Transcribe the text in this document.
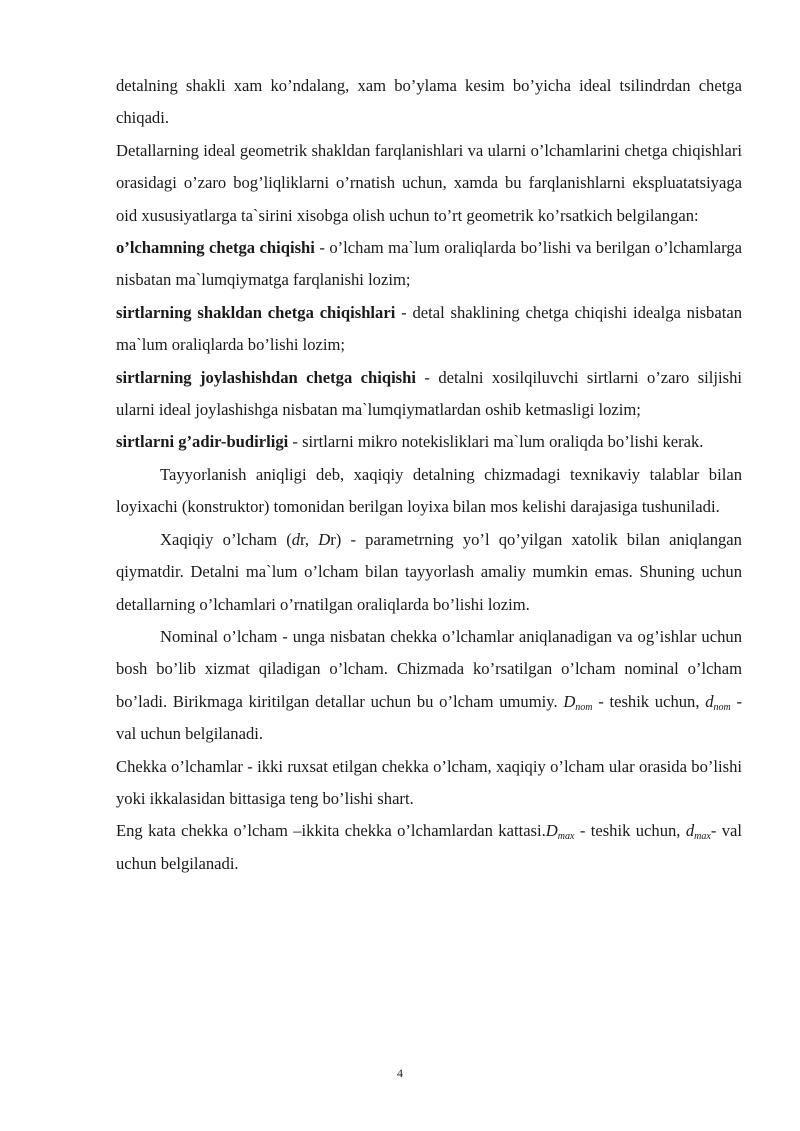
detalning shakli xam ko’ndalang, xam bo’ylama kesim bo’yicha ideal tsilindrdan chetga chiqadi.

Detallarning ideal geometrik shakldan farqlanishlari va ularni o’lchamlarini chetga chiqishlari orasidagi o’zaro bog’liqliklarni o’rnatish uchun, xamda bu farqlanishlarni ekspluatatsiyaga oid xususiyatlarga ta`sirini xisobga olish uchun to’rt geometrik ko’rsatkich belgilangan:

o’lchamning chetga chiqishi - o’lcham ma`lum oraliqlarda bo’lishi va berilgan o’lchamlarga nisbatan ma`lumqiymatga farqlanishi lozim;

sirtlarning shakldan chetga chiqishlari - detal shaklining chetga chiqishi idealga nisbatan ma`lum oraliqlarda bo’lishi lozim;

sirtlarning joylashishdan chetga chiqishi - detalni xosilqiluvchi sirtlarni o’zaro siljishi ularni ideal joylashishga nisbatan ma`lumqiymatlardan oshib ketmasligi lozim;

sirtlarni g’adir-budirligi - sirtlarni mikro notekisliklari ma`lum oraliqda bo’lishi kerak.

Tayyorlanish aniqligi deb, xaqiqiy detalning chizmadagi texnikaviy talablar bilan loyixachi (konstruktor) tomonidan berilgan loyixa bilan mos kelishi darajasiga tushuniladi.

Xaqiqiy o’lcham (dr, Dr) - parametrning yo’l qo’yilgan xatolik bilan aniqlangan qiymatdir. Detalni ma`lum o’lcham bilan tayyorlash amaliy mumkin emas. Shuning uchun detallarning o’lchamlari o’rnatilgan oraliqlarda bo’lishi lozim.

Nominal o’lcham - unga nisbatan chekka o’lchamlar aniqlanadigan va og’ishlar uchun bosh bo’lib xizmat qiladigan o’lcham. Chizmada ko’rsatilgan o’lcham nominal o’lcham bo’ladi. Birikmaga kiritilgan detallar uchun bu o’lcham umumiy. $D_{nom}$ - teshik uchun, $d_{nom}$ - val uchun belgilanadi.

Chekka o’lchamlar - ikki ruxsat etilgan chekka o’lcham, xaqiqiy o’lcham ular orasida bo’lishi yoki ikkalasidan bittasiga teng bo’lishi shart.

Eng kata chekka o’lcham –ikkita chekka o’lchamlardan $kattasi.D_{max}$ - teshik uchun, $d_{max}-$ val uchun belgilanadi.

4
